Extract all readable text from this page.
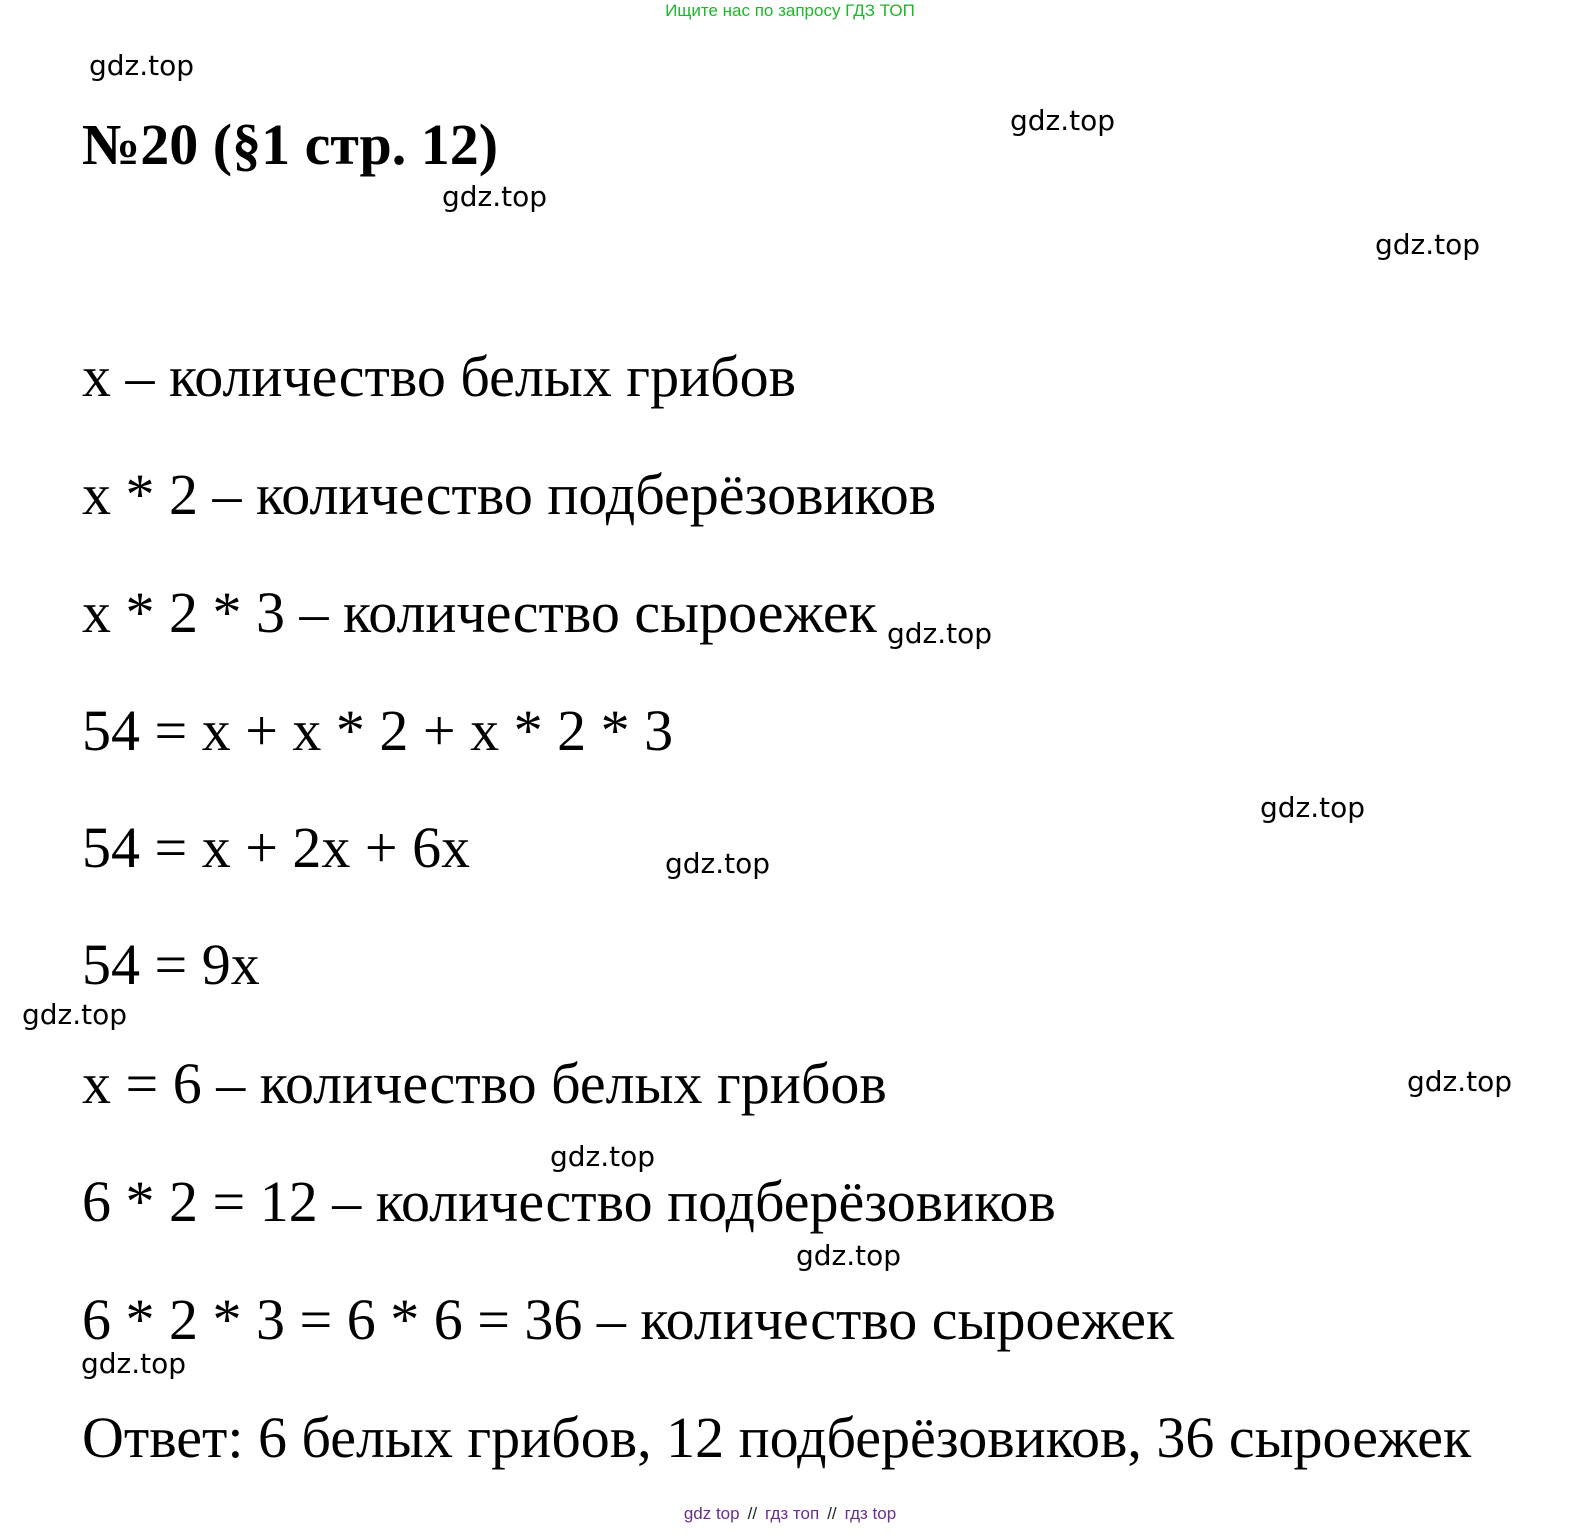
Ищите нас по запросу ГДЗ ТОП
№20 (§1 стр. 12)
x – количество белых грибов
x * 2 – количество подберёзовиков
x * 2 * 3 – количество сыроежек
54 = x + x * 2 + x * 2 * 3
54 = x + 2x + 6x
54 = 9x
x = 6 – количество белых грибов
6 * 2 = 12 – количество подберёзовиков
6 * 2 * 3 = 6 * 6 = 36 – количество сыроежек
Ответ: 6 белых грибов, 12 подберёзовиков, 36 сыроежек
gdz.top
gdz.top
gdz.top
gdz.top
gdz.top
gdz.top
gdz.top
gdz.top
gdz.top
gdz.top
gdz.top
gdz.top
gdz top // гдз топ // гдз top
